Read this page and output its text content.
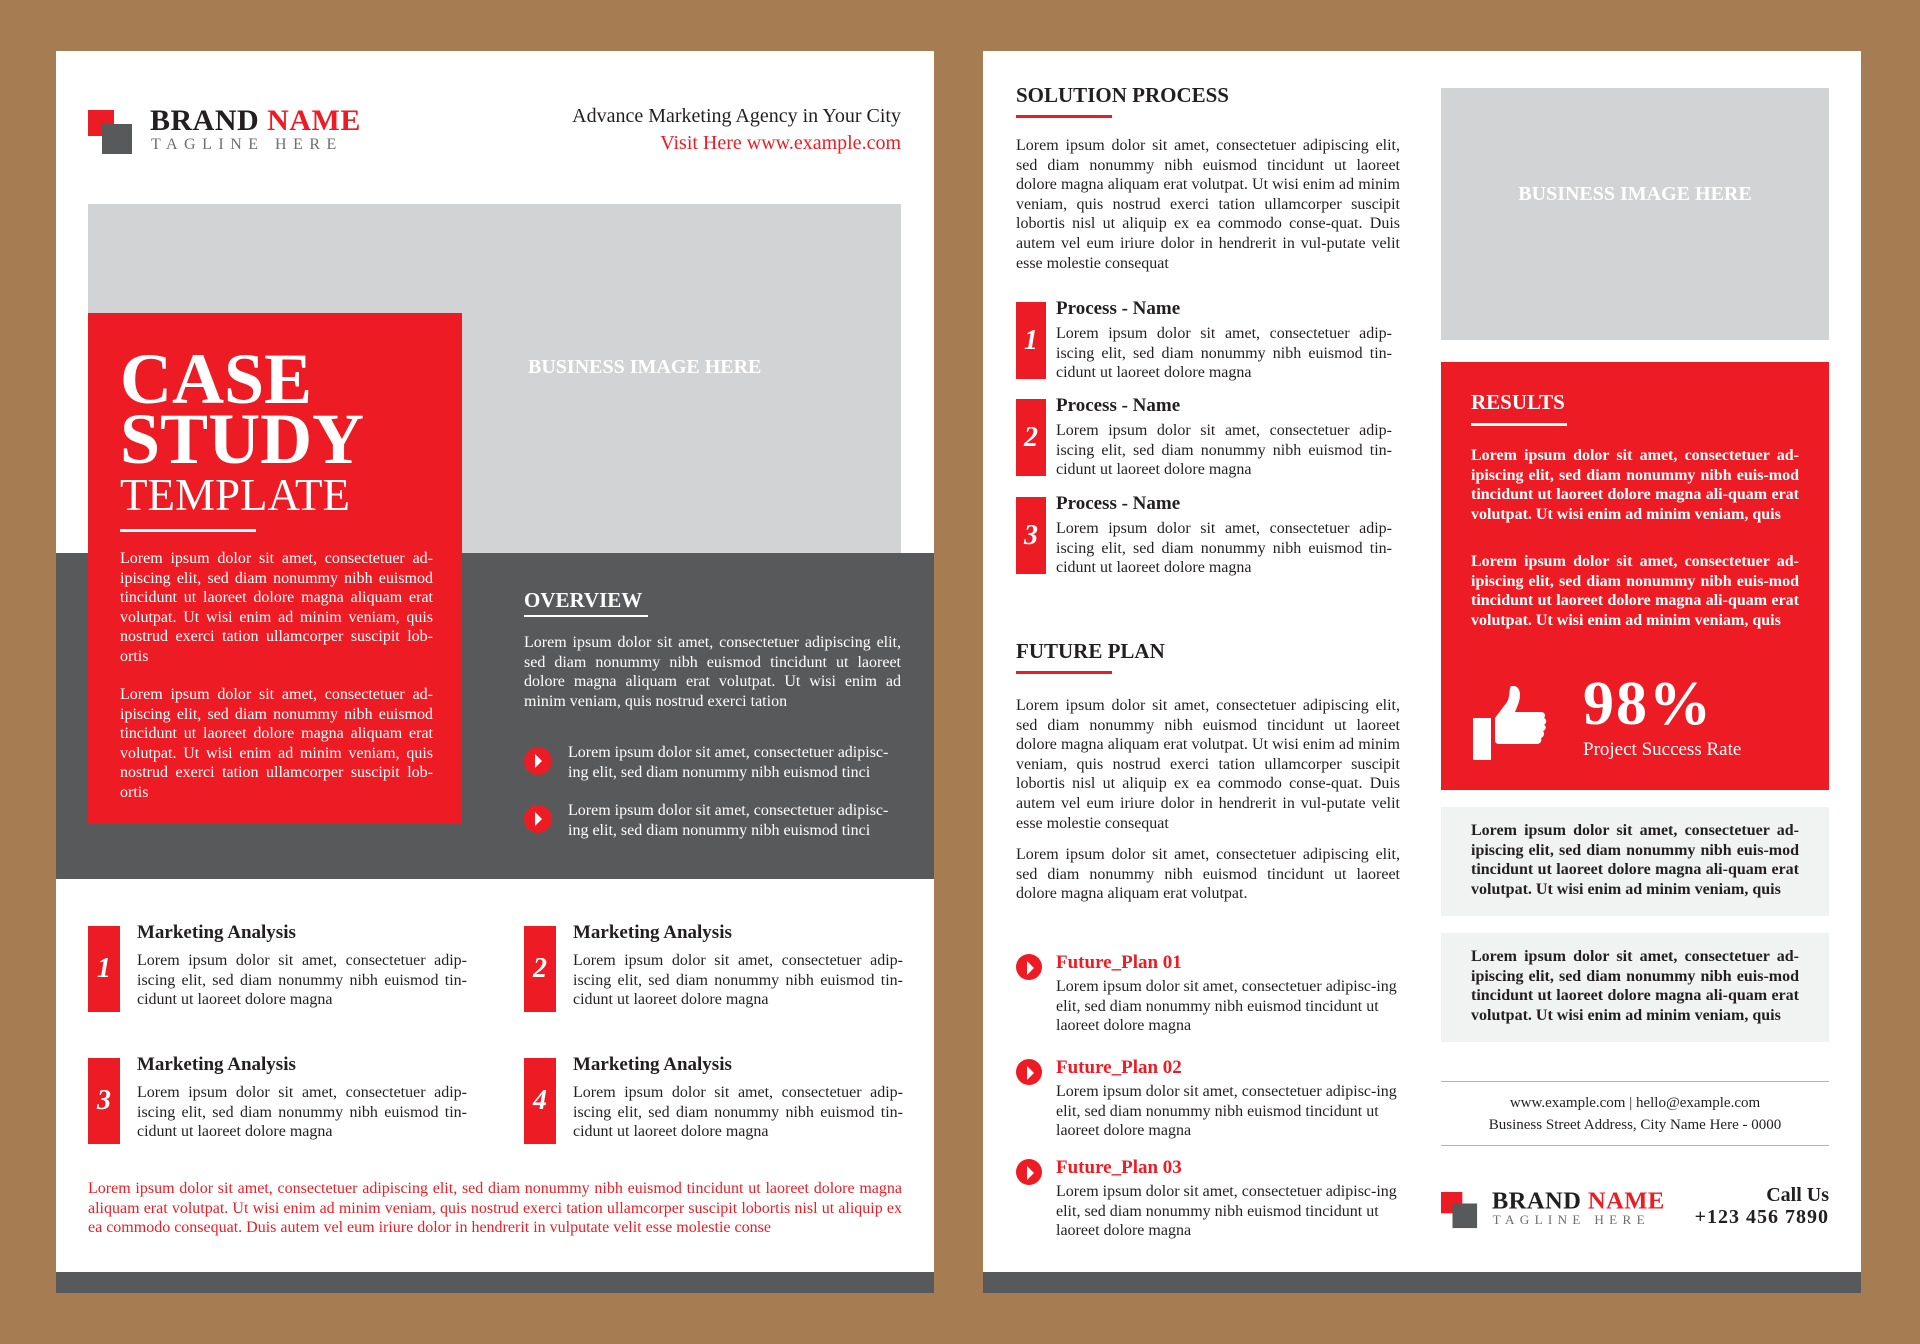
BRAND NAME
TAGLINE HERE
Advance Marketing Agency in Your City
Visit Here www.example.com
BUSINESS IMAGE HERE
CASE
STUDY
TEMPLATE
Lorem ipsum dolor sit amet, consectetuer ad-ipiscing elit, sed diam nonummy nibh euismod tincidunt ut laoreet dolore magna aliquam erat volutpat. Ut wisi enim ad minim veniam, quis nostrud exerci tation ullamcorper suscipit lob-ortis
Lorem ipsum dolor sit amet, consectetuer ad-ipiscing elit, sed diam nonummy nibh euismod tincidunt ut laoreet dolore magna aliquam erat volutpat. Ut wisi enim ad minim veniam, quis nostrud exerci tation ullamcorper suscipit lob-ortis
OVERVIEW
Lorem ipsum dolor sit amet, consectetuer adipiscing elit, sed diam nonummy nibh euismod tincidunt ut laoreet dolore magna aliquam erat volutpat. Ut wisi enim ad minim veniam, quis nostrud exerci tation
Lorem ipsum dolor sit amet, consectetuer adipisc-ing elit, sed diam nonummy nibh euismod tinci
Lorem ipsum dolor sit amet, consectetuer adipisc-ing elit, sed diam nonummy nibh euismod tinci
1
Marketing Analysis
Lorem ipsum dolor sit amet, consectetuer adip-iscing elit, sed diam nonummy nibh euismod tin-cidunt ut laoreet dolore magna
2
Marketing Analysis
Lorem ipsum dolor sit amet, consectetuer adip-iscing elit, sed diam nonummy nibh euismod tin-cidunt ut laoreet dolore magna
3
Marketing Analysis
Lorem ipsum dolor sit amet, consectetuer adip-iscing elit, sed diam nonummy nibh euismod tin-cidunt ut laoreet dolore magna
4
Marketing Analysis
Lorem ipsum dolor sit amet, consectetuer adip-iscing elit, sed diam nonummy nibh euismod tin-cidunt ut laoreet dolore magna
Lorem ipsum dolor sit amet, consectetuer adipiscing elit, sed diam nonummy nibh euismod tincidunt ut laoreet dolore magna aliquam erat volutpat. Ut wisi enim ad minim veniam, quis nostrud exerci tation ullamcorper suscipit lobortis nisl ut aliquip ex ea commodo consequat. Duis autem vel eum iriure dolor in hendrerit in vulputate velit esse molestie conse
SOLUTION PROCESS
Lorem ipsum dolor sit amet, consectetuer adipiscing elit, sed diam nonummy nibh euismod tincidunt ut laoreet dolore magna aliquam erat volutpat. Ut wisi enim ad minim veniam, quis nostrud exerci tation ullamcorper suscipit lobortis nisl ut aliquip ex ea commodo conse-quat. Duis autem vel eum iriure dolor in hendrerit in vul-putate velit esse molestie consequat
1
Process - Name
Lorem ipsum dolor sit amet, consectetuer adip-iscing elit, sed diam nonummy nibh euismod tin-cidunt ut laoreet dolore magna
2
Process - Name
Lorem ipsum dolor sit amet, consectetuer adip-iscing elit, sed diam nonummy nibh euismod tin-cidunt ut laoreet dolore magna
3
Process - Name
Lorem ipsum dolor sit amet, consectetuer adip-iscing elit, sed diam nonummy nibh euismod tin-cidunt ut laoreet dolore magna
FUTURE PLAN
Lorem ipsum dolor sit amet, consectetuer adipiscing elit, sed diam nonummy nibh euismod tincidunt ut laoreet dolore magna aliquam erat volutpat. Ut wisi enim ad minim veniam, quis nostrud exerci tation ullamcorper suscipit lobortis nisl ut aliquip ex ea commodo conse-quat. Duis autem vel eum iriure dolor in hendrerit in vul-putate velit esse molestie consequat
Lorem ipsum dolor sit amet, consectetuer adipiscing elit, sed diam nonummy nibh euismod tincidunt ut laoreet dolore magna aliquam erat volutpat.
Future_Plan 01
Lorem ipsum dolor sit amet, consectetuer adipisc-ing elit, sed diam nonummy nibh euismod tincidunt ut laoreet dolore magna
Future_Plan 02
Lorem ipsum dolor sit amet, consectetuer adipisc-ing elit, sed diam nonummy nibh euismod tincidunt ut laoreet dolore magna
Future_Plan 03
Lorem ipsum dolor sit amet, consectetuer adipisc-ing elit, sed diam nonummy nibh euismod tincidunt ut laoreet dolore magna
BUSINESS IMAGE HERE
RESULTS
Lorem ipsum dolor sit amet, consectetuer ad-ipiscing elit, sed diam nonummy nibh euis-mod tincidunt ut laoreet dolore magna ali-quam erat volutpat. Ut wisi enim ad minim veniam, quis
Lorem ipsum dolor sit amet, consectetuer ad-ipiscing elit, sed diam nonummy nibh euis-mod tincidunt ut laoreet dolore magna ali-quam erat volutpat. Ut wisi enim ad minim veniam, quis
98%
Project Success Rate
Lorem ipsum dolor sit amet, consectetuer ad-ipiscing elit, sed diam nonummy nibh euis-mod tincidunt ut laoreet dolore magna ali-quam erat volutpat. Ut wisi enim ad minim veniam, quis
Lorem ipsum dolor sit amet, consectetuer ad-ipiscing elit, sed diam nonummy nibh euis-mod tincidunt ut laoreet dolore magna ali-quam erat volutpat. Ut wisi enim ad minim veniam, quis
www.example.com | hello@example.com
Business Street Address, City Name Here - 0000
BRAND NAME
TAGLINE HERE
Call Us
+123 456 7890
